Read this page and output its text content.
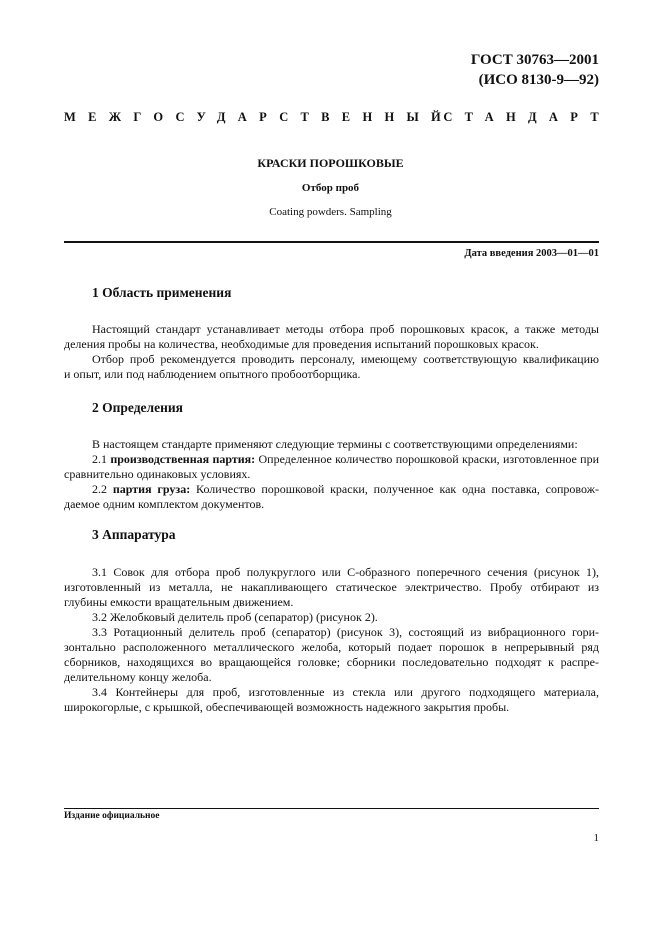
ГОСТ 30763—2001
(ИСО 8130-9—92)
МЕЖГОСУДАРСТВЕННЫЙ
СТАНДАРТ
КРАСКИ ПОРОШКОВЫЕ
Отбор проб
Coating powders. Sampling
Дата введения 2003—01—01
1 Область применения

Настоящий стандарт устанавливает методы отбора проб порошковых красок, а также методы
деления пробы на количества, необходимые для проведения испытаний порошковых красок.

Отбор проб рекомендуется проводить персоналу, имеющему соответствующую квалификацию
и опыт, или под наблюдением опытного пробоотборщика.

2 Определения

В настоящем стандарте применяют следующие термины с соответствующими определениями:

2.1 производственная партия: Определенное количество порошковой краски, изготовленное при
сравнительно одинаковых условиях.

2.2 партия груза: Количество порошковой краски, полученное как одна поставка, сопровож-
даемое одним комплектом документов.

3 Аппаратура

3.1 Совок для отбора проб полукруглого или С-образного поперечного сечения (рисунок 1),
изготовленный из металла, не накапливающего статическое электричество. Пробу отбирают из
глубины емкости вращательным движением.

3.2 Желобковый делитель проб (сепаратор) (рисунок 2).

3.3 Ротационный делитель проб (сепаратор) (рисунок 3), состоящий из вибрационного гори-
зонтально расположенного металлического желоба, который подает порошок в непрерывный ряд
сборников, находящихся во вращающейся головке; сборники последовательно подходят к распре-
делительному концу желоба.

3.4 Контейнеры для проб, изготовленные из стекла или другого подходящего материала,
широкогорлые, с крышкой, обеспечивающей возможность надежного закрытия пробы.

Издание официальное
1
